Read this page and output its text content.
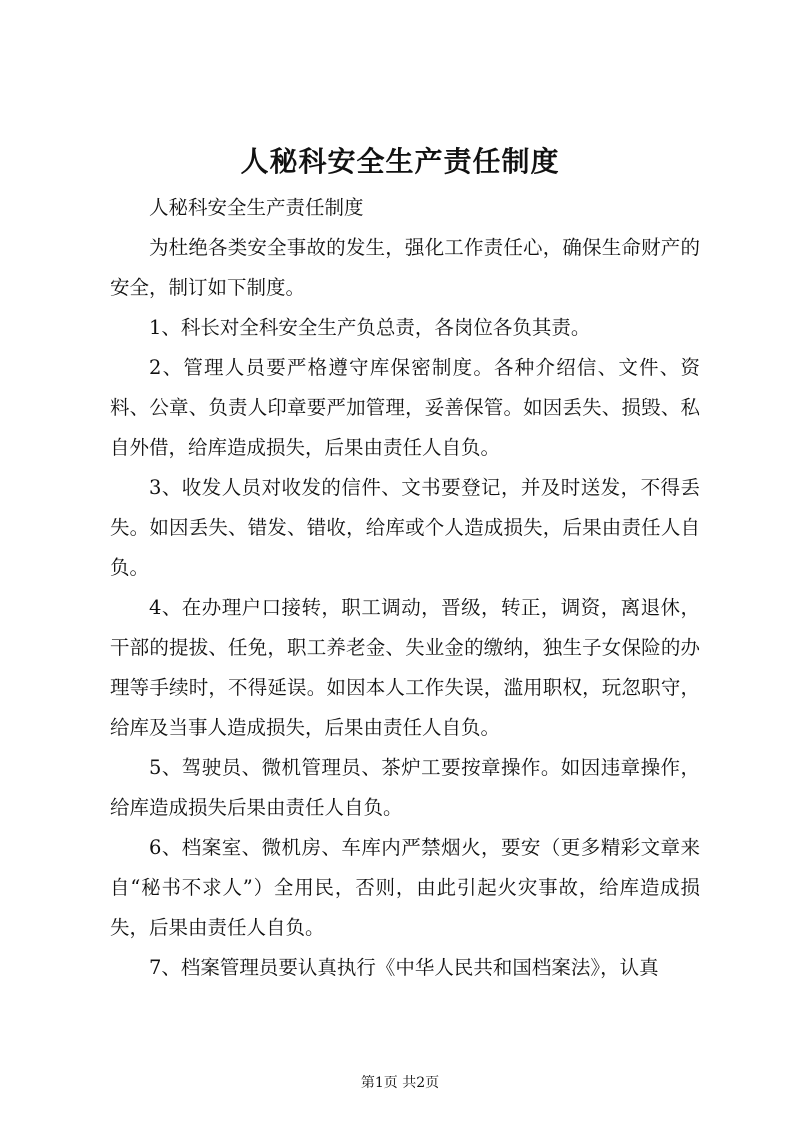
人秘科安全生产责任制度

人秘科安全生产责任制度

为杜绝各类安全事故的发生，强化工作责任心，确保生命财产的安全，制订如下制度。

1、科长对全科安全生产负总责，各岗位各负其责。

2、管理人员要严格遵守库保密制度。各种介绍信、文件、资料、公章、负责人印章要严加管理，妥善保管。如因丢失、损毁、私自外借，给库造成损失，后果由责任人自负。

3、收发人员对收发的信件、文书要登记，并及时送发，不得丢失。如因丢失、错发、错收，给库或个人造成损失，后果由责任人自负。

4、在办理户口接转，职工调动，晋级，转正，调资，离退休，干部的提拔、任免，职工养老金、失业金的缴纳，独生子女保险的办理等手续时，不得延误。如因本人工作失误，滥用职权，玩忽职守，给库及当事人造成损失，后果由责任人自负。

5、驾驶员、微机管理员、茶炉工要按章操作。如因违章操作，给库造成损失后果由责任人自负。

6、档案室、微机房、车库内严禁烟火，要安（更多精彩文章来自“秘书不求人”）全用民，否则，由此引起火灾事故，给库造成损失，后果由责任人自负。

7、档案管理员要认真执行《中华人民共和国档案法》，认真

第1页 共2页
